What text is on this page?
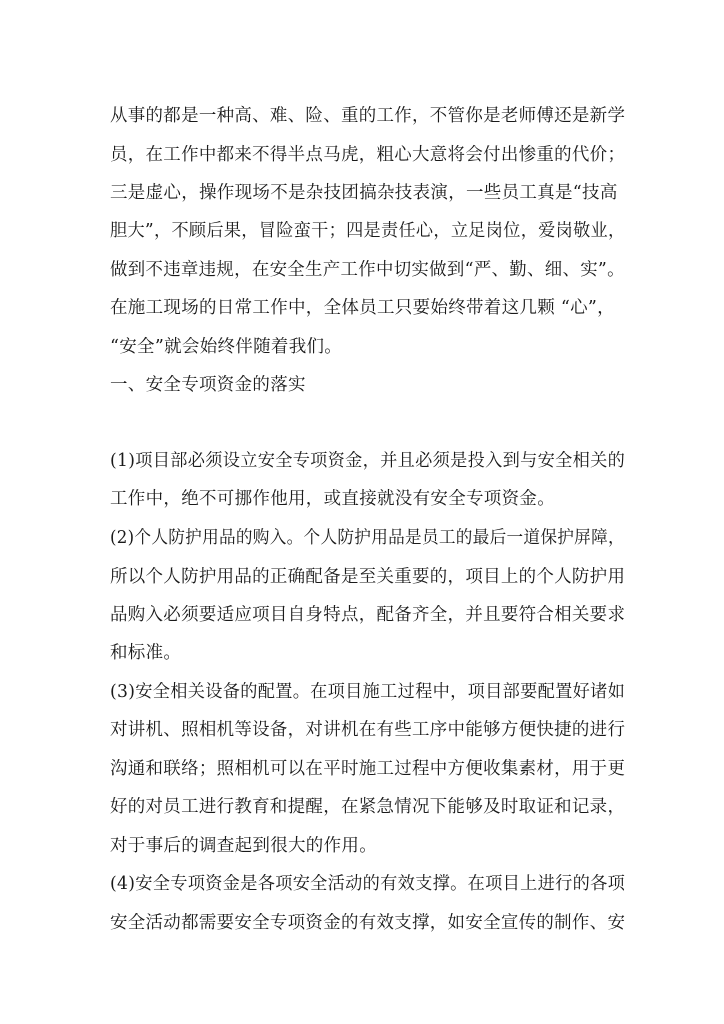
从事的都是一种高、难、险、重的工作，不管你是老师傅还是新学
员，在工作中都来不得半点马虎，粗心大意将会付出惨重的代价；
三是虚心，操作现场不是杂技团搞杂技表演，一些员工真是“技高
胆大”，不顾后果，冒险蛮干；四是责任心，立足岗位，爱岗敬业，
做到不违章违规，在安全生产工作中切实做到“严、勤、细、实”。
在施工现场的日常工作中，全体员工只要始终带着这几颗 “心”，
“安全”就会始终伴随着我们。
一、安全专项资金的落实
(1)项目部必须设立安全专项资金，并且必须是投入到与安全相关的
工作中，绝不可挪作他用，或直接就没有安全专项资金。
(2)个人防护用品的购入。个人防护用品是员工的最后一道保护屏障，
所以个人防护用品的正确配备是至关重要的，项目上的个人防护用
品购入必须要适应项目自身特点，配备齐全，并且要符合相关要求
和标准。
(3)安全相关设备的配置。在项目施工过程中，项目部要配置好诸如
对讲机、照相机等设备，对讲机在有些工序中能够方便快捷的进行
沟通和联络；照相机可以在平时施工过程中方便收集素材，用于更
好的对员工进行教育和提醒，在紧急情况下能够及时取证和记录，
对于事后的调查起到很大的作用。
(4)安全专项资金是各项安全活动的有效支撑。在项目上进行的各项
安全活动都需要安全专项资金的有效支撑，如安全宣传的制作、安
